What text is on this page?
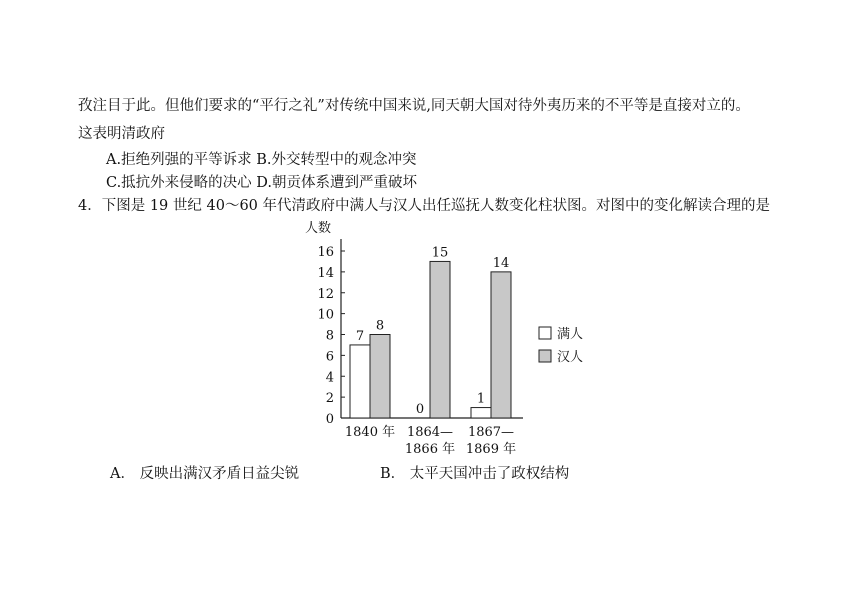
孜注目于此。但他们要求的“平行之礼”对传统中国来说,同天朝大国对待外夷历来的不平等是直接对立的。
这表明清政府
A.拒绝列强的平等诉求 B.外交转型中的观念冲突
C.抵抗外来侵略的决心 D.朝贡体系遭到严重破坏
4．下图是 19 世纪 40～60 年代清政府中满人与汉人出任巡抚人数变化柱状图。对图中的变化解读合理的是
人数
0
2
4
6
8
10
12
14
16
7
8
0
15
1
14
1840 年 1864—
1866 年
1867—
1869 年
满人
汉人
A． 反映出满汉矛盾日益尖锐	B． 太平天国冲击了政权结构
